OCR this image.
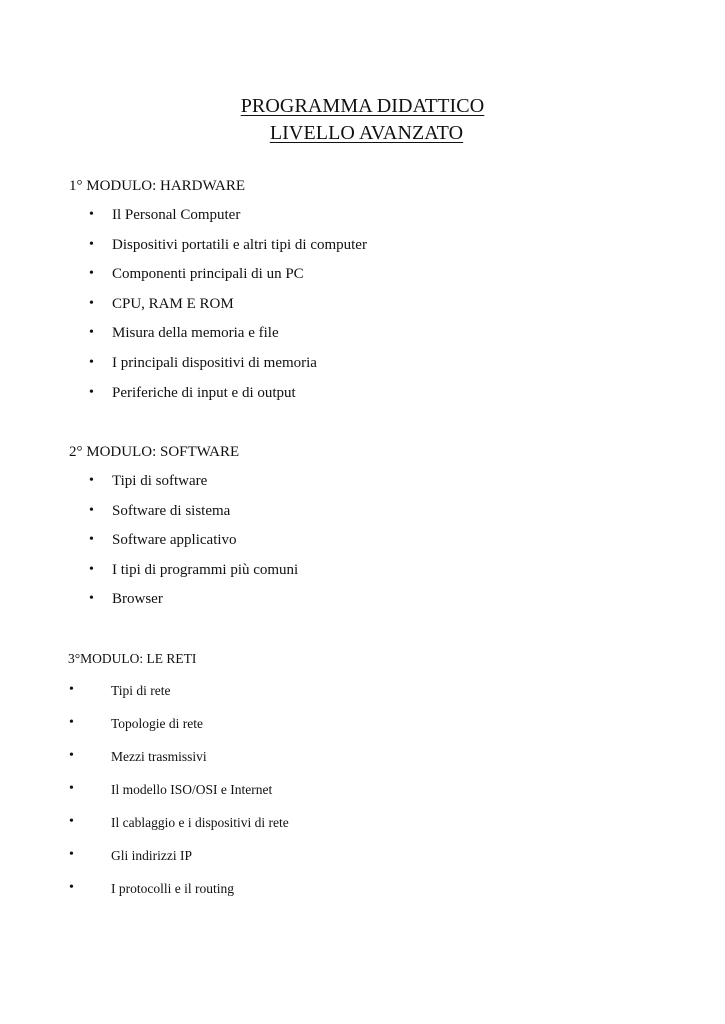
PROGRAMMA DIDATTICO
LIVELLO AVANZATO
1° MODULO: HARDWARE
• Il Personal Computer
• Dispositivi portatili e altri tipi di computer
• Componenti principali di un PC
• CPU, RAM E ROM
• Misura della memoria e file
• I principali dispositivi di memoria
• Periferiche di input e di output
2° MODULO: SOFTWARE
• Tipi di software
• Software di sistema
• Software applicativo
• I tipi di programmi più comuni
• Browser
3°MODULO: LE RETI
•	Tipi di rete
•	Topologie di rete
•	Mezzi trasmissivi
•	Il modello ISO/OSI e Internet
•	Il cablaggio e i dispositivi di rete
•	Gli indirizzi IP
•	I protocolli e il routing
